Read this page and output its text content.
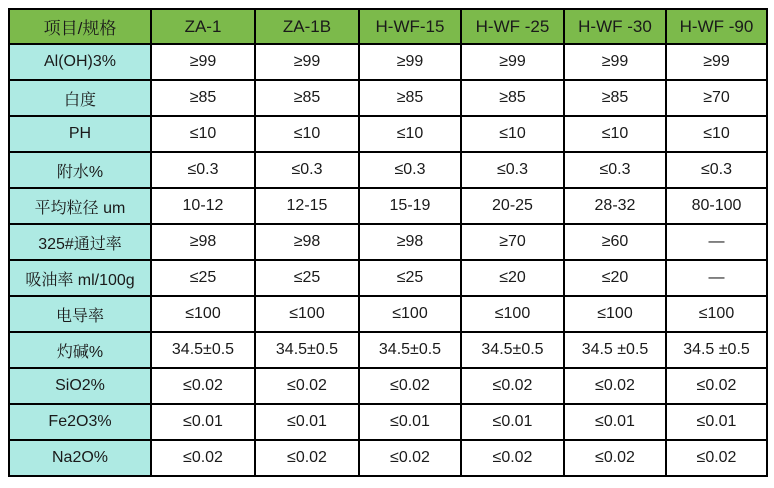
项目/规格	ZA-1	ZA-1B	H-WF-15	H-WF -25	H-WF -30	H-WF -90
Al(OH)3%	≥99	≥99	≥99	≥99	≥99	≥99
白度	≥85	≥85	≥85	≥85	≥85	≥70
PH	≤10	≤10	≤10	≤10	≤10	≤10
附水%	≤0.3	≤0.3	≤0.3	≤0.3	≤0.3	≤0.3
平均粒径 um	10-12	12-15	15-19	20-25	28-32	80-100
325#通过率	≥98	≥98	≥98	≥70	≥60	—
吸油率 ml/100g	≤25	≤25	≤25	≤20	≤20	—
电导率	≤100	≤100	≤100	≤100	≤100	≤100
灼碱%	34.5±0.5	34.5±0.5	34.5±0.5	34.5±0.5	34.5 ±0.5	34.5 ±0.5
SiO2%	≤0.02	≤0.02	≤0.02	≤0.02	≤0.02	≤0.02
Fe2O3%	≤0.01	≤0.01	≤0.01	≤0.01	≤0.01	≤0.01
Na2O%	≤0.02	≤0.02	≤0.02	≤0.02	≤0.02	≤0.02
